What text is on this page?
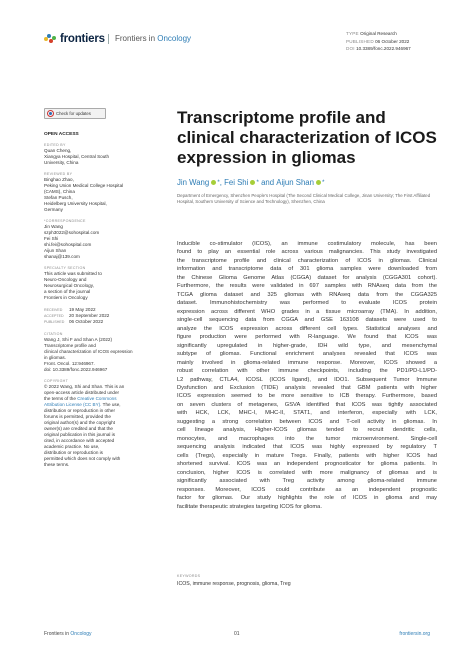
frontiers Frontiers in Oncology
TYPE Original Research
PUBLISHED 06 October 2022
DOI 10.3389/fonc.2022.946967
Check for updates
OPEN ACCESS
EDITED BY
Quan Cheng,
Xiangya Hospital, Central South
University, China
REVIEWED BY
Binghao Zhao,
Peking Union Medical College Hospital
(CAMS), China
Stefan Pusch,
Heidelberg University Hospital,
Germany
*CORRESPONDENCE
Jin Wang
szph3022@sohospital.com
Fei Shi
shi.fei@sohospital.com
Aijun Shan
shanaj@139.com
SPECIALTY SECTION
This article was submitted to
Neuro-Oncology and
Neurosurgical Oncology,
a section of the journal
Frontiers in Oncology
RECEIVED 19 May 2022
ACCEPTED 20 September 2022
PUBLISHED 06 October 2022
CITATION
Wang J, Shi F and Shan A (2022)
Transcriptome profile and
clinical characterization of ICOS expression
in gliomas.
Front. Oncol. 12:946967.
doi: 10.3389/fonc.2022.946967
COPYRIGHT
© 2022 Wang, Shi and Shan. This is an
open-access article distributed under
the terms of the Creative Commons
Attribution License (CC BY). The use,
distribution or reproduction in other
forums is permitted, provided the
original author(s) and the copyright
owner(s) are credited and that the
original publication in this journal is
cited, in accordance with accepted
academic practice. No use,
distribution or reproduction is
permitted which does not comply with
these terms.
Transcriptome profile and clinical characterization of ICOS expression in gliomas
Jin Wang * , Fei Shi * and Aijun Shan *
Department of Emergency, Shenzhen People's Hospital (The Second Clinical Medical College, Jinan University; The First Affiliated Hospital, Southern University of Science and Technology), Shenzhen, China

Inducible co-stimulator (ICOS), an immune costimulatory molecule, has been

found to play an essential role across various malignancies. This study investigated

the transcriptome profile and clinical characterization of ICOS in gliomas. Clinical

information and transcriptome data of 301 glioma samples were downloaded from

the Chinese Glioma Genome Atlas (CGGA) dataset for analysis (CGGA301 cohort).

Furthermore, the results were validated in 697 samples with RNAseq data from the

TCGA glioma dataset and 325 gliomas with RNAseq data from the CGGA325

dataset. Immunohistochemistry was performed to evaluate ICOS protein

expression across different WHO grades in a tissue microarray (TMA). In addition,

single-cell sequencing data from CGGA and GSE 163108 datasets were used to

analyze the ICOS expression across different cell types. Statistical analyses and

figure production were performed with R-language. We found that ICOS was

significantly upregulated in higher-grade, IDH wild type, and mesenchymal

subtype of gliomas. Functional enrichment analyses revealed that ICOS was

mainly involved in glioma-related immune response. Moreover, ICOS showed a

robust correlation with other immune checkpoints, including the PD1/PD-L1/PD-

L2 pathway, CTLA4, ICOSL (ICOS ligand), and IDO1. Subsequent Tumor Immune

Dysfunction and Exclusion (TIDE) analysis revealed that GBM patients with higher

ICOS expression seemed to be more sensitive to ICB therapy. Furthermore, based

on seven clusters of metagenes, GSVA identified that ICOS was tightly associated

with HCK, LCK, MHC-I, MHC-II, STAT1, and interferon, especially with LCK,

suggesting a strong correlation between ICOS and T-cell activity in gliomas. In

cell lineage analysis, Higher-ICOS gliomas tended to recruit dendritic cells,

monocytes, and macrophages into the tumor microenvironment. Single-cell

sequencing analysis indicated that ICOS was highly expressed by regulatory T

cells (Tregs), especially in mature Tregs. Finally, patients with higher ICOS had

shortened survival. ICOS was an independent prognosticator for glioma patients. In

conclusion, higher ICOS is correlated with more malignancy of gliomas and is

significantly associated with Treg activity among glioma-related immune

responses. Moreover, ICOS could contribute as an independent prognostic

factor for gliomas. Our study highlights the role of ICOS in glioma and may

facilitate therapeutic strategies targeting ICOS for glioma.

KEYWORDS
ICOS, immune response, prognosis, glioma, Treg
Frontiers in Oncology	01	frontiersin.org
